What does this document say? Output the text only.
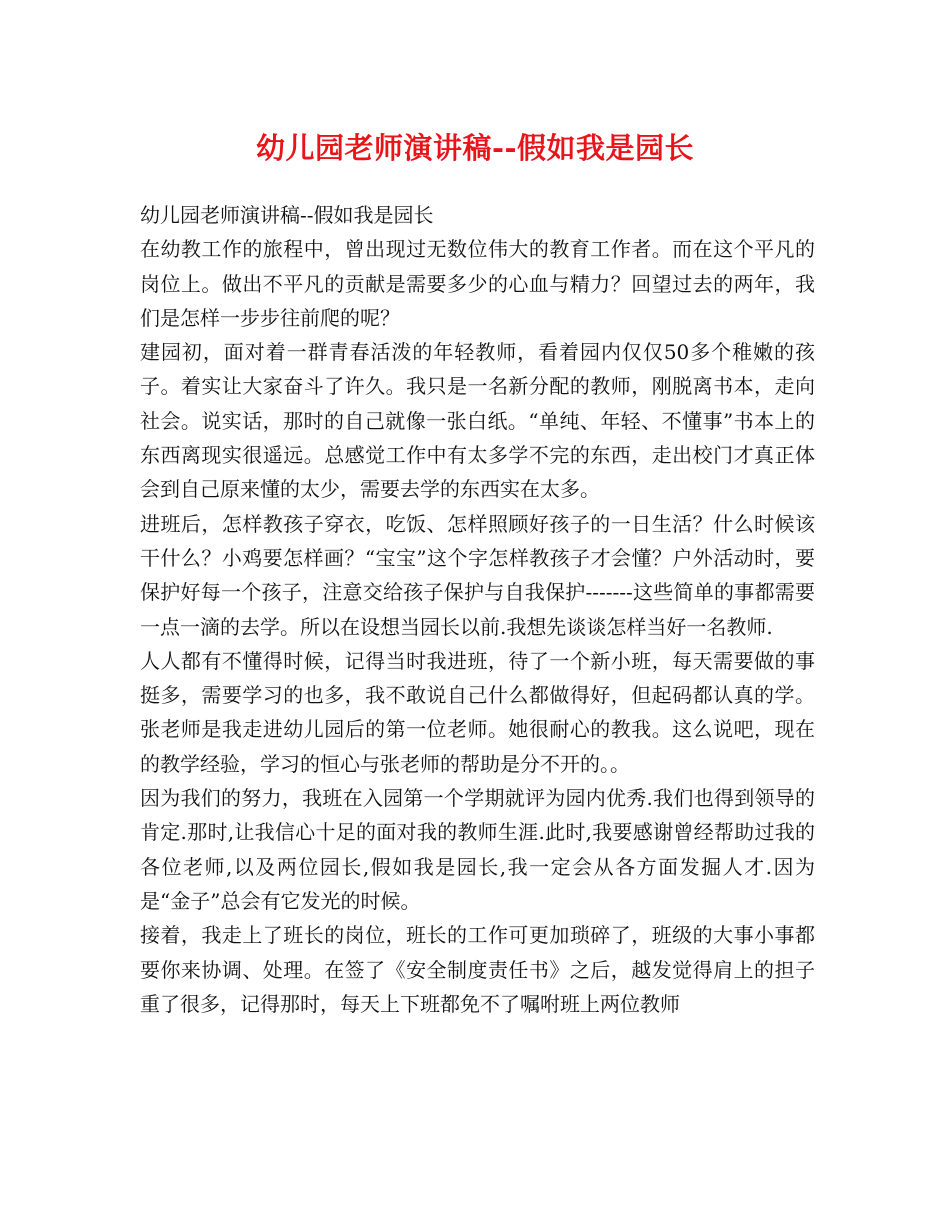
幼儿园老师演讲稿--假如我是园长

幼儿园老师演讲稿--假如我是园长

在幼教工作的旅程中，曾出现过无数位伟大的教育工作者。而在这个平凡的岗位上。做出不平凡的贡献是需要多少的心血与精力？回望过去的两年，我们是怎样一步步往前爬的呢？

建园初，面对着一群青春活泼的年轻教师，看着园内仅仅50多个稚嫩的孩子。着实让大家奋斗了许久。我只是一名新分配的教师，刚脱离书本，走向社会。说实话，那时的自己就像一张白纸。“单纯、年轻、不懂事”书本上的东西离现实很遥远。总感觉工作中有太多学不完的东西，走出校门才真正体会到自己原来懂的太少，需要去学的东西实在太多。

进班后，怎样教孩子穿衣，吃饭、怎样照顾好孩子的一日生活？什么时候该干什么？小鸡要怎样画？“宝宝”这个字怎样教孩子才会懂？户外活动时，要保护好每一个孩子，注意交给孩子保护与自我保护-------这些简单的事都需要一点一滴的去学。所以在设想当园长以前.我想先谈谈怎样当好一名教师.

人人都有不懂得时候，记得当时我进班，待了一个新小班，每天需要做的事挺多，需要学习的也多，我不敢说自己什么都做得好，但起码都认真的学。张老师是我走进幼儿园后的第一位老师。她很耐心的教我。这么说吧，现在的教学经验，学习的恒心与张老师的帮助是分不开的。。

因为我们的努力，我班在入园第一个学期就评为园内优秀.我们也得到领导的肯定.那时,让我信心十足的面对我的教师生涯.此时,我要感谢曾经帮助过我的各位老师,以及两位园长,假如我是园长,我一定会从各方面发掘人才.因为是“金子”总会有它发光的时候。

接着，我走上了班长的岗位，班长的工作可更加琐碎了，班级的大事小事都要你来协调、处理。在签了《安全制度责任书》之后，越发觉得肩上的担子重了很多，记得那时，每天上下班都免不了嘱咐班上两位教师
